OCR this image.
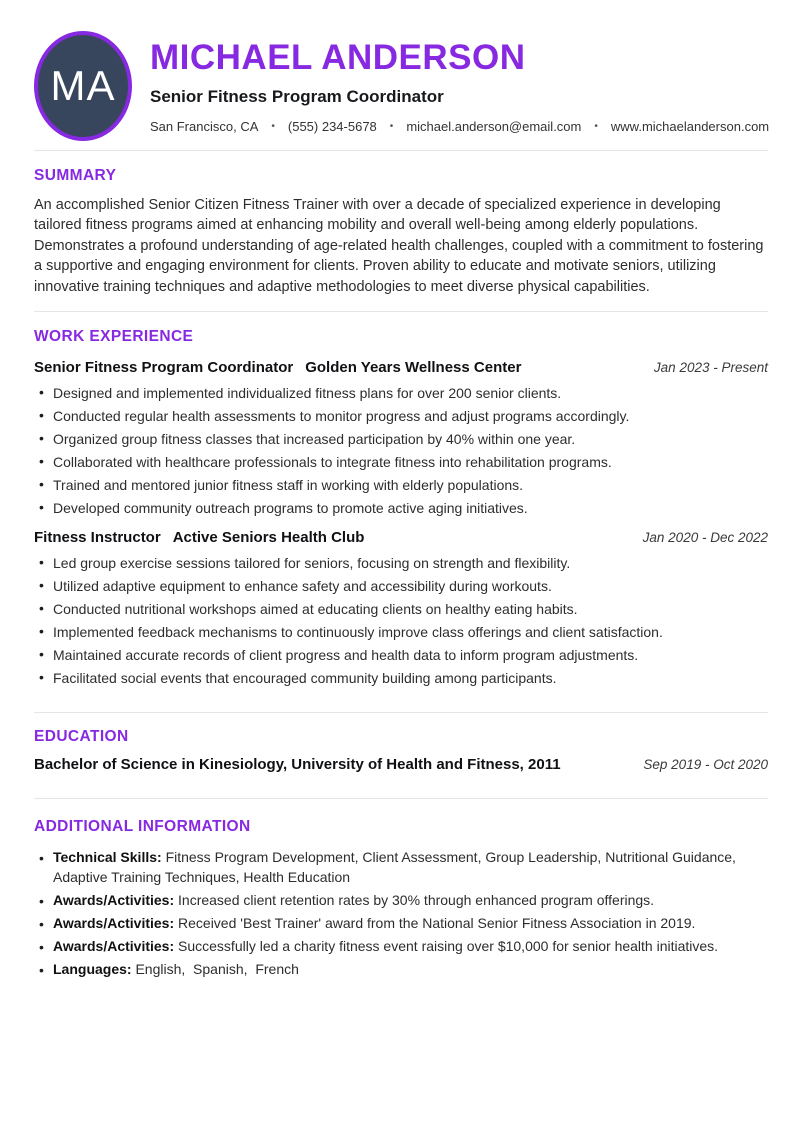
MA
MICHAEL ANDERSON
Senior Fitness Program Coordinator
San Francisco, CA • (555) 234-5678 • michael.anderson@email.com • www.michaelanderson.com
SUMMARY

An accomplished Senior Citizen Fitness Trainer with over a decade of specialized experience in developing tailored fitness programs aimed at enhancing mobility and overall well-being among elderly populations. Demonstrates a profound understanding of age-related health challenges, coupled with a commitment to fostering a supportive and engaging environment for clients. Proven ability to educate and motivate seniors, utilizing innovative training techniques and adaptive methodologies to meet diverse physical capabilities.

WORK EXPERIENCE
Senior Fitness Program Coordinator Golden Years Wellness Center	Jan 2023 - Present
• Designed and implemented individualized fitness plans for over 200 senior clients.
• Conducted regular health assessments to monitor progress and adjust programs accordingly.
• Organized group fitness classes that increased participation by 40% within one year.
• Collaborated with healthcare professionals to integrate fitness into rehabilitation programs.
• Trained and mentored junior fitness staff in working with elderly populations.
• Developed community outreach programs to promote active aging initiatives.
Fitness Instructor Active Seniors Health Club	Jan 2020 - Dec 2022
• Led group exercise sessions tailored for seniors, focusing on strength and flexibility.
• Utilized adaptive equipment to enhance safety and accessibility during workouts.
• Conducted nutritional workshops aimed at educating clients on healthy eating habits.
• Implemented feedback mechanisms to continuously improve class offerings and client satisfaction.
• Maintained accurate records of client progress and health data to inform program adjustments.
• Facilitated social events that encouraged community building among participants.
EDUCATION
Bachelor of Science in Kinesiology, University of Health and Fitness, 2011	Sep 2019 - Oct 2020
ADDITIONAL INFORMATION
• Technical Skills: Fitness Program Development, Client Assessment, Group Leadership, Nutritional Guidance, Adaptive Training Techniques, Health Education
• Awards/Activities: Increased client retention rates by 30% through enhanced program offerings.
• Awards/Activities: Received 'Best Trainer' award from the National Senior Fitness Association in 2019.
• Awards/Activities: Successfully led a charity fitness event raising over $10,000 for senior health initiatives.
• Languages: English,  Spanish,  French
